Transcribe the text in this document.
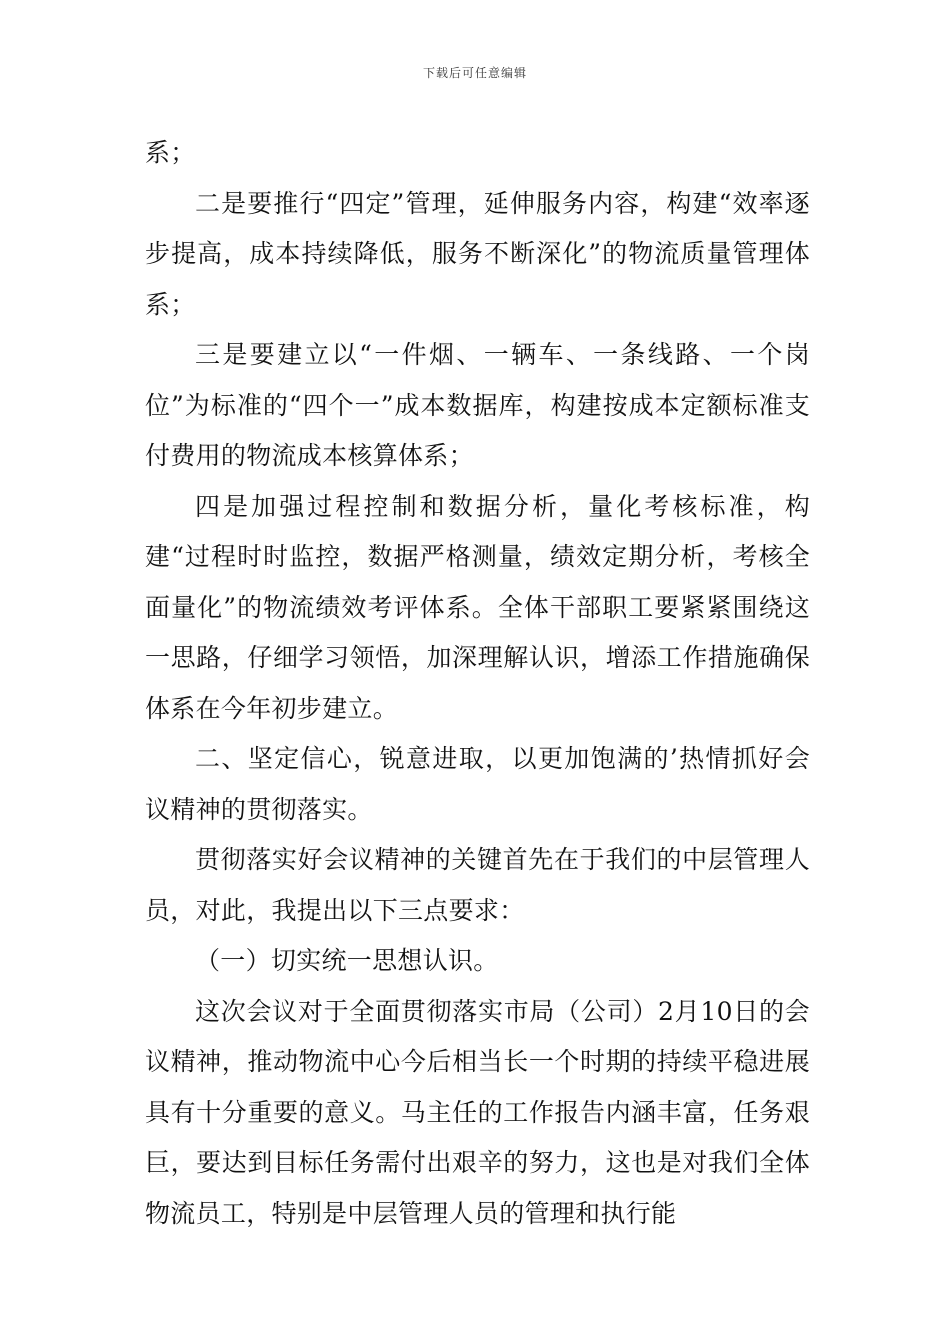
下载后可任意编辑

系；

二是要推行“四定”管理，延伸服务内容，构建“效率逐步提高，成本持续降低，服务不断深化”的物流质量管理体系；

三是要建立以“一件烟、一辆车、一条线路、一个岗位”为标准的“四个一”成本数据库，构建按成本定额标准支付费用的物流成本核算体系；

四是加强过程控制和数据分析，量化考核标准，构建“过程时时监控，数据严格测量，绩效定期分析，考核全面量化”的物流绩效考评体系。全体干部职工要紧紧围绕这一思路，仔细学习领悟，加深理解认识，增添工作措施确保体系在今年初步建立。

二、坚定信心，锐意进取，以更加饱满的’热情抓好会议精神的贯彻落实。

贯彻落实好会议精神的关键首先在于我们的中层管理人员，对此，我提出以下三点要求：

（一）切实统一思想认识。

这次会议对于全面贯彻落实市局（公司）2月10日的会议精神，推动物流中心今后相当长一个时期的持续平稳进展具有十分重要的意义。马主任的工作报告内涵丰富，任务艰巨，要达到目标任务需付出艰辛的努力，这也是对我们全体物流员工，特别是中层管理人员的管理和执行能
